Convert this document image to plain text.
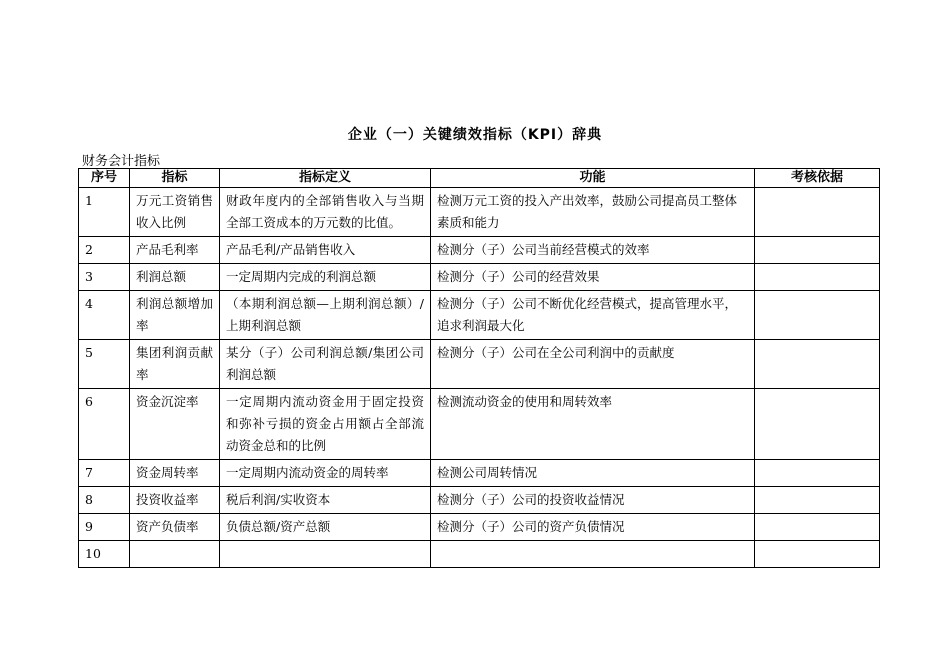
企业（一）关键绩效指标（KPI）辞典
财务会计指标
序号	指标	指标定义	功能	考核依据
1	万元工资销售收入比例	财政年度内的全部销售收入与当期全部工资成本的万元数的比值。	检测万元工资的投入产出效率，鼓励公司提高员工整体素质和能力	
2	产品毛利率	产品毛利/产品销售收入	检测分（子）公司当前经营模式的效率	
3	利润总额	一定周期内完成的利润总额	检测分（子）公司的经营效果	
4	利润总额增加率	（本期利润总额—上期利润总额）/上期利润总额	检测分（子）公司不断优化经营模式，提高管理水平，追求利润最大化	
5	集团利润贡献率	某分（子）公司利润总额/集团公司利润总额	检测分（子）公司在全公司利润中的贡献度	
6	资金沉淀率	一定周期内流动资金用于固定投资和弥补亏损的资金占用额占全部流动资金总和的比例	检测流动资金的使用和周转效率	
7	资金周转率	一定周期内流动资金的周转率	检测公司周转情况	
8	投资收益率	税后利润/实收资本	检测分（子）公司的投资收益情况	
9	资产负债率	负债总额/资产总额	检测分（子）公司的资产负债情况	
10				
